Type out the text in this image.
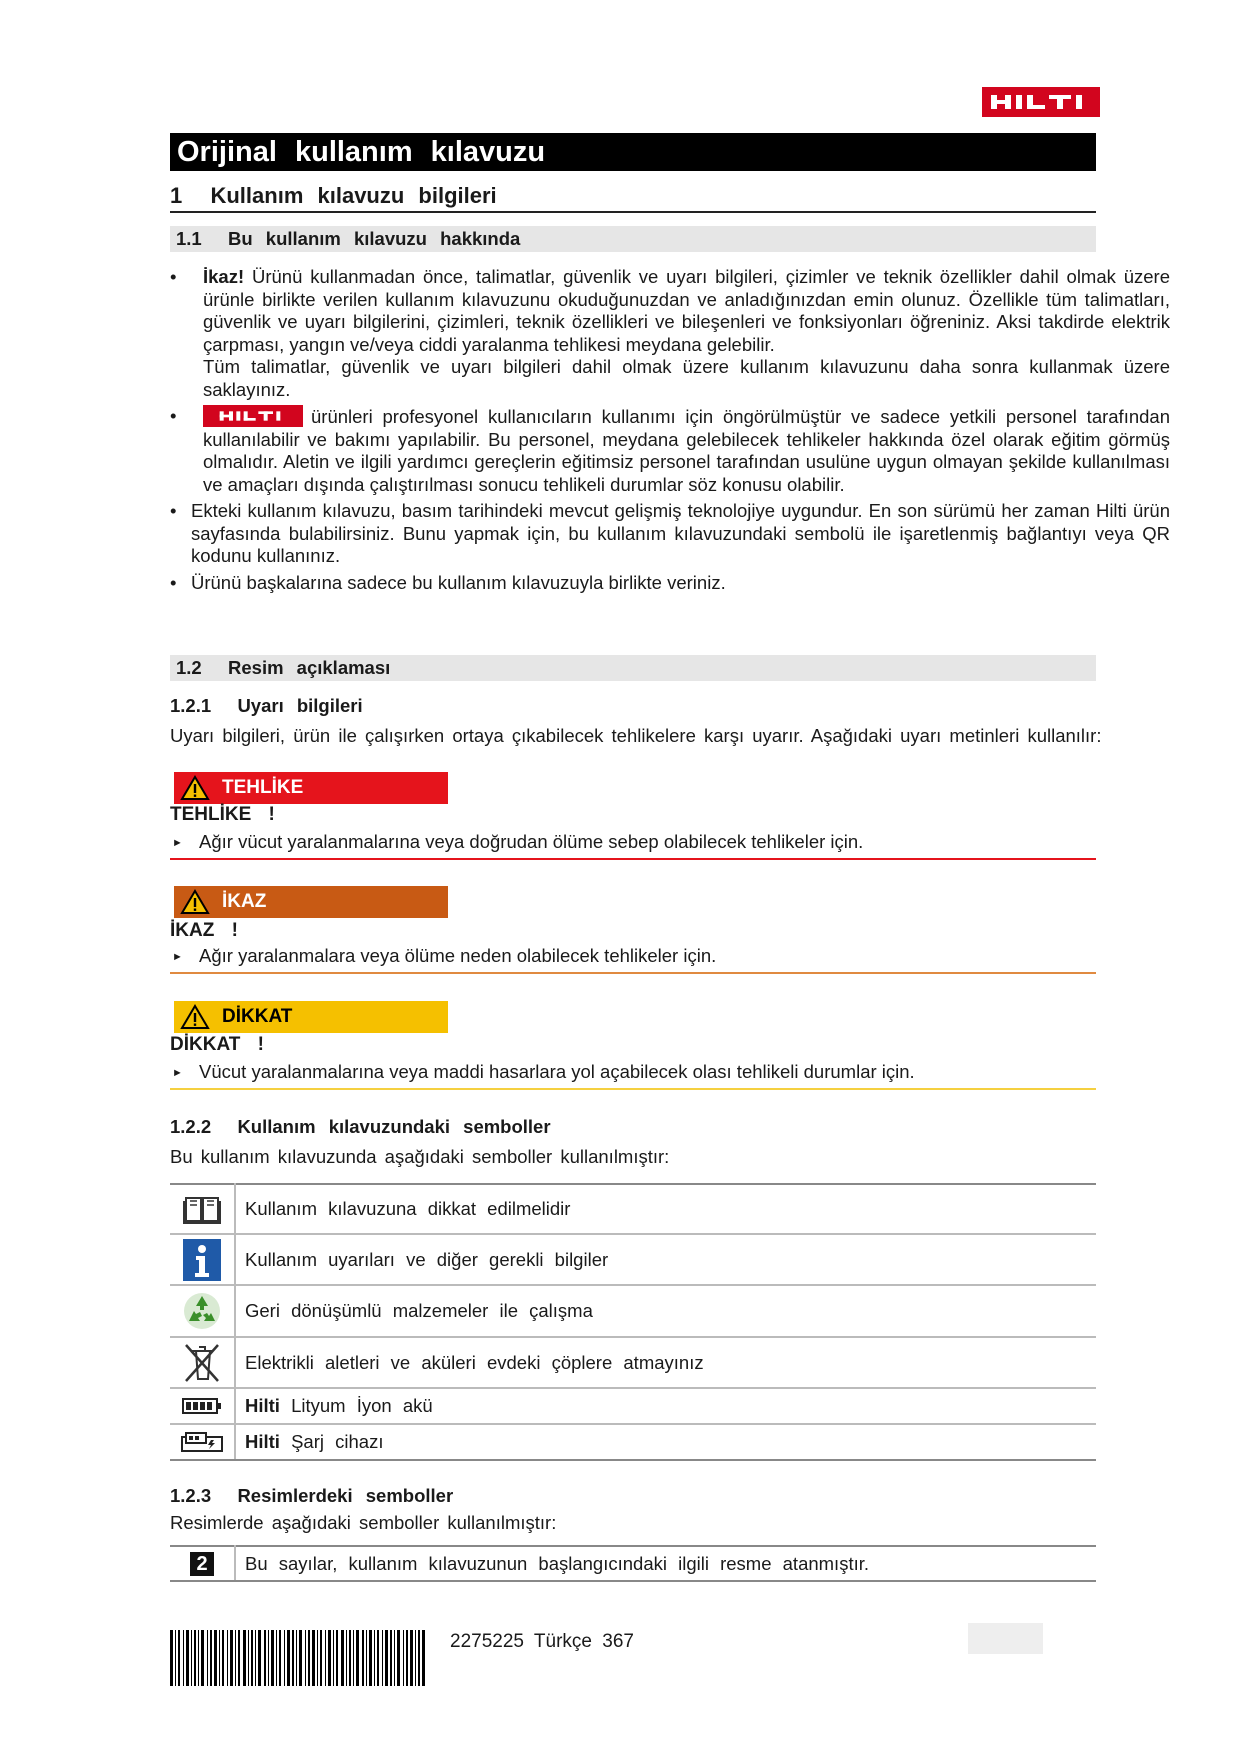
Orijinal kullanım kılavuzu
1 Kullanım kılavuzu bilgileri
1.1 Bu kullanım kılavuzu hakkında
• İkaz! Ürünü kullanmadan önce, talimatlar, güvenlik ve uyarı bilgileri, çizimler ve teknik özellikler dahil olmak üzere ürünle birlikte verilen kullanım kılavuzunu okuduğunuzdan ve anladığınızdan emin olunuz. Özellikle tüm talimatları, güvenlik ve uyarı bilgilerini, çizimleri, teknik özellikleri ve bileşenleri ve fonksiyonları öğreniniz. Aksi takdirde elektrik çarpması, yangın ve/veya ciddi yaralanma tehlikesi meydana gelebilir.
Tüm talimatlar, güvenlik ve uyarı bilgileri dahil olmak üzere kullanım kılavuzunu daha sonra kullanmak üzere saklayınız.
• ürünleri profesyonel kullanıcıların kullanımı için öngörülmüştür ve sadece yetkili personel tarafından kullanılabilir ve bakımı yapılabilir. Bu personel, meydana gelebilecek tehlikeler hakkında özel olarak eğitim görmüş olmalıdır. Aletin ve ilgili yardımcı gereçlerin eğitimsiz personel tarafından usulüne uygun olmayan şekilde kullanılması ve amaçları dışında çalıştırılması sonucu tehlikeli durumlar söz konusu olabilir.
• Ekteki kullanım kılavuzu, basım tarihindeki mevcut gelişmiş teknolojiye uygundur. En son sürümü her zaman Hilti ürün sayfasında bulabilirsiniz. Bunu yapmak için, bu kullanım kılavuzundaki sembolü ile işaretlenmiş bağlantıyı veya QR kodunu kullanınız.
• Ürünü başkalarına sadece bu kullanım kılavuzuyla birlikte veriniz.
1.2 Resim açıklaması
1.2.1 Uyarı bilgileri
Uyarı bilgileri, ürün ile çalışırken ortaya çıkabilecek tehlikelere karşı uyarır. Aşağıdaki uyarı metinleri kullanılır:
TEHLİKE
TEHLİKE !
► Ağır vücut yaralanmalarına veya doğrudan ölüme sebep olabilecek tehlikeler için.
İKAZ
İKAZ !
► Ağır yaralanmalara veya ölüme neden olabilecek tehlikeler için.
DİKKAT
DİKKAT !
► Vücut yaralanmalarına veya maddi hasarlara yol açabilecek olası tehlikeli durumlar için.
1.2.2 Kullanım kılavuzundaki semboller
Bu kullanım kılavuzunda aşağıdaki semboller kullanılmıştır:
	Kullanım kılavuzuna dikkat edilmelidir

	Kullanım uyarıları ve diğer gerekli bilgiler

	Geri dönüşümlü malzemeler ile çalışma

	Elektrikli aletleri ve aküleri evdeki çöplere atmayınız

	Hilti Lityum İyon akü

	Hilti Şarj cihazı
1.2.3 Resimlerdeki semboller
Resimlerde aşağıdaki semboller kullanılmıştır:
2	Bu sayılar, kullanım kılavuzunun başlangıcındaki ilgili resme atanmıştır.
2275225 Türkçe 367
